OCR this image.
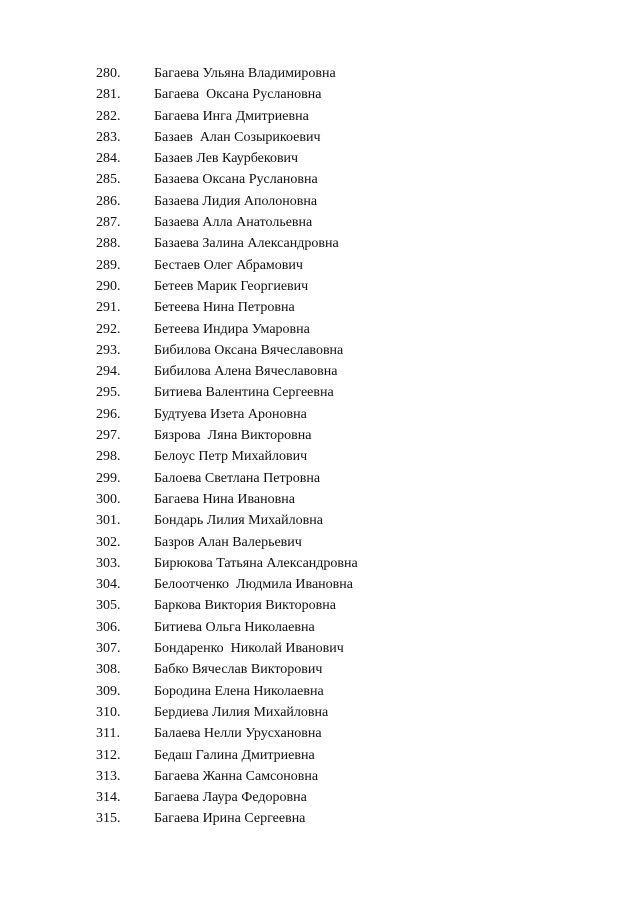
280.	Багаева Ульяна Владимировна
281.	Багаева  Оксана Руслановна
282.	Багаева Инга Дмитриевна
283.	Базаев  Алан Созырикоевич
284.	Базаев Лев Каурбекович
285.	Базаева Оксана Руслановна
286.	Базаева Лидия Аполоновна
287.	Базаева Алла Анатольевна
288.	Базаева Залина Александровна
289.	Бестаев Олег Абрамович
290.	Бетеев Марик Георгиевич
291.	Бетеева Нина Петровна
292.	Бетеева Индира Умаровна
293.	Бибилова Оксана Вячеславовна
294.	Бибилова Алена Вячеславовна
295.	Битиева Валентина Сергеевна
296.	Будтуева Изета Ароновна
297.	Бязрова  Ляна Викторовна
298.	Белоус Петр Михайлович
299.	Балоева Светлана Петровна
300.	Багаева Нина Ивановна
301.	Бондарь Лилия Михайловна
302.	Базров Алан Валерьевич
303.	Бирюкова Татьяна Александровна
304.	Белоотченко  Людмила Ивановна
305.	Баркова Виктория Викторовна
306.	Битиева Ольга Николаевна
307.	Бондаренко  Николай Иванович
308.	Бабко Вячеслав Викторович
309.	Бородина Елена Николаевна
310.	Бердиева Лилия Михайловна
311.	Балаева Нелли Урусхановна
312.	Бедаш Галина Дмитриевна
313.	Багаева Жанна Самсоновна
314.	Багаева Лаура Федоровна
315.	Багаева Ирина Сергеевна
